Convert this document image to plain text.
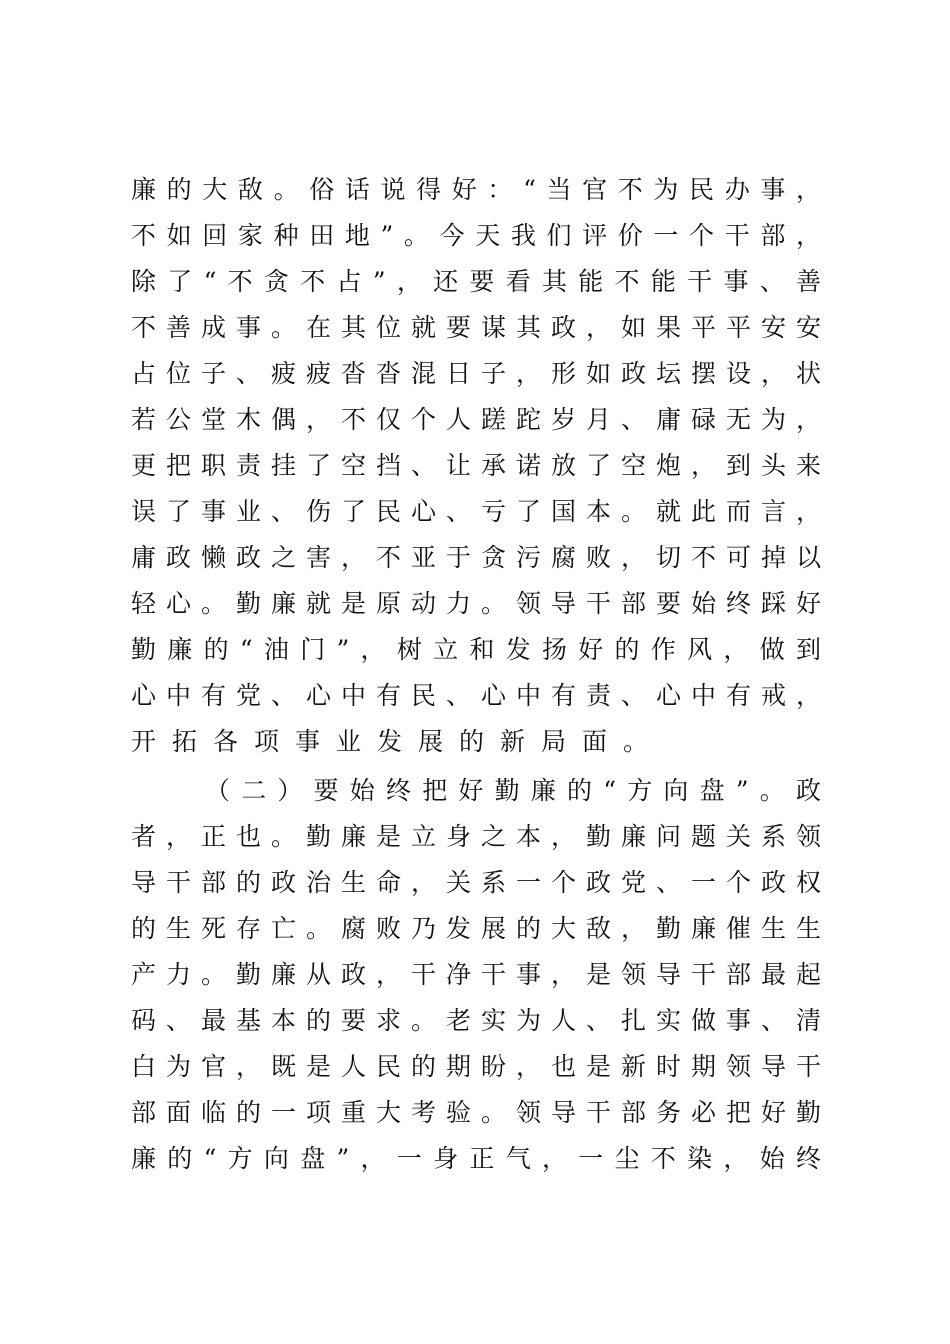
廉的大敌。俗话说得好：“当官不为民办事，
不如回家种田地”。今天我们评价一个干部，
除了“不贪不占”，还要看其能不能干事、善
不善成事。在其位就要谋其政，如果平平安安
占位子、疲疲沓沓混日子，形如政坛摆设，状
若公堂木偶，不仅个人蹉跎岁月、庸碌无为，
更把职责挂了空挡、让承诺放了空炮，到头来
误了事业、伤了民心、亏了国本。就此而言，
庸政懒政之害，不亚于贪污腐败，切不可掉以
轻心。勤廉就是原动力。领导干部要始终踩好
勤廉的“油门”，树立和发扬好的作风，做到
心中有党、心中有民、心中有责、心中有戒，
开拓各项事业发展的新局面。
（二）要始终把好勤廉的“方向盘”。政
者，正也。勤廉是立身之本，勤廉问题关系领
导干部的政治生命，关系一个政党、一个政权
的生死存亡。腐败乃发展的大敌，勤廉催生生
产力。勤廉从政，干净干事，是领导干部最起
码、最基本的要求。老实为人、扎实做事、清
白为官，既是人民的期盼，也是新时期领导干
部面临的一项重大考验。领导干部务必把好勤
廉的“方向盘”，一身正气，一尘不染，始终
